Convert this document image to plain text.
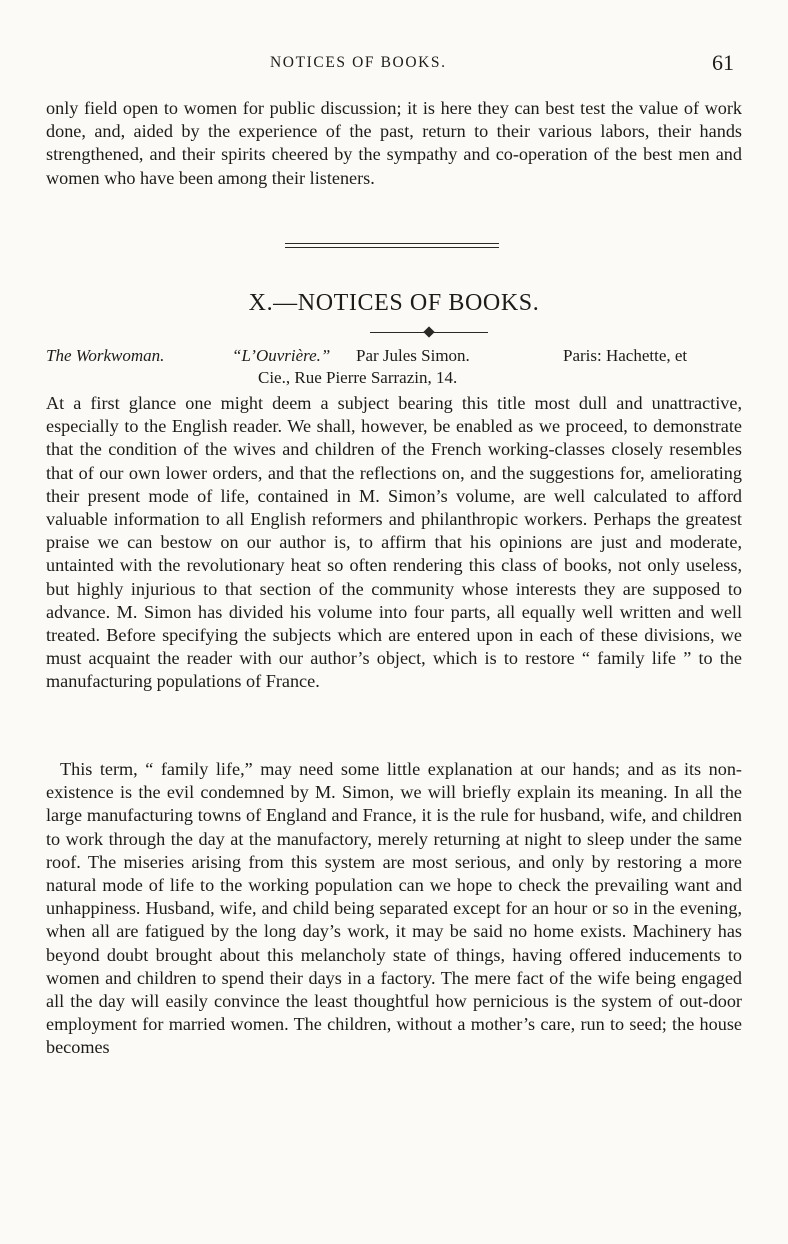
NOTICES OF BOOKS.	61

only field open to women for public discussion; it is here they can best test the value of work done, and, aided by the experience of the past, return to their various labors, their hands strengthened, and their spirits cheered by the sympathy and co-operation of the best men and women who have been among their listeners.

X.—NOTICES OF BOOKS.
The Workwoman.	“L’Ouvrière.” Par Jules Simon.	Paris: Hachette, et
Cie., Rue Pierre Sarrazin, 14.

At a first glance one might deem a subject bearing this title most dull and unattractive, especially to the English reader. We shall, however, be enabled as we proceed, to demonstrate that the condition of the wives and children of the French working-classes closely resembles that of our own lower orders, and that the reflections on, and the suggestions for, ameliorating their present mode of life, contained in M. Simon’s volume, are well calculated to afford valuable information to all English reformers and philanthropic workers. Perhaps the greatest praise we can bestow on our author is, to affirm that his opinions are just and moderate, untainted with the revolutionary heat so often rendering this class of books, not only useless, but highly injurious to that section of the community whose interests they are supposed to advance. M. Simon has divided his volume into four parts, all equally well written and well treated. Before specifying the subjects which are entered upon in each of these divisions, we must acquaint the reader with our author’s object, which is to restore “ family life ” to the manufacturing populations of France.

This term, “ family life,” may need some little explanation at our hands; and as its non-existence is the evil condemned by M. Simon, we will briefly explain its meaning. In all the large manufacturing towns of England and France, it is the rule for husband, wife, and children to work through the day at the manufactory, merely returning at night to sleep under the same roof. The miseries arising from this system are most serious, and only by restoring a more natural mode of life to the working population can we hope to check the prevailing want and unhappiness. Husband, wife, and child being separated except for an hour or so in the evening, when all are fatigued by the long day’s work, it may be said no home exists. Machinery has beyond doubt brought about this melancholy state of things, having offered inducements to women and children to spend their days in a factory. The mere fact of the wife being engaged all the day will easily convince the least thoughtful how pernicious is the system of out-door employment for married women. The children, without a mother’s care, run to seed; the house becomes
